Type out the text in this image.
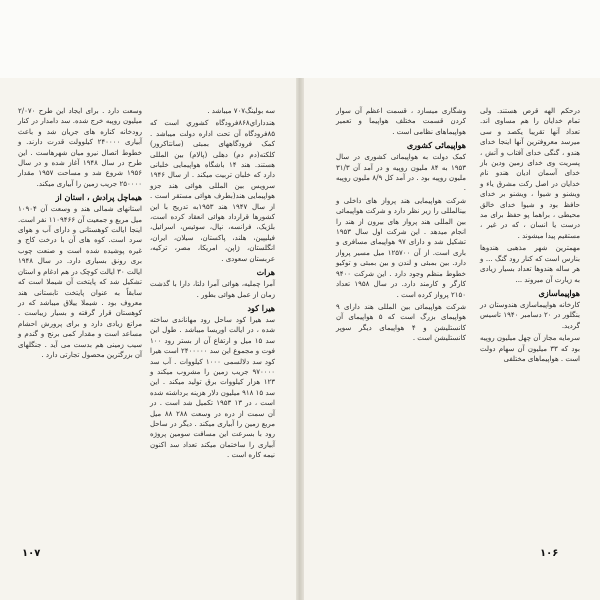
سه بولینگ۷۰۷ میباشد .

هندداراي۸۶۸فرودگاه کشوري است که ۸۵فرودگاه آن تحت اداره دولت میباشد . کمک فرودگاههای بمبئی (سانتاکروز) کلکته(دم دم) دهلی (پالام) بین المللی هستند. هند ۱۴ باشگاه هواپیمایی خلبانی دارد که خلبان تربیت میکند . از سال ۱۹۴۶ سرویس بین المللی هوائی هند جزو هواپیمایی هند(بطرف هوائی مستقر است . از سال ۱۹۴۷ هند ۱۹۵۳به تدریج با این کشورها قرارداد هوائی انعقاد کرده است، بلژیک، فرانسه، نپال، سوئیس، اسرائیل، فیلیپین، هلند، پاکستان، سیلان، ایران، انگلستان، ژاپن، امریکا، مصر، ترکیه، عربستان سعودی .

هرات

آمرا چملیه، هوائی آمرا دلتا، دارا با گذشت زمان از عمل هوائی بطور .

هیرا کود

سد هیرا کود ساحل رود مهاناندی ساخته شده ، در ایالت اوریسا میباشد . طول این سد ۱۵ میل و ارتفاع آن از بستر رود ۱۰۰ فوت و مجموع این سد ۲۴۰۰۰۰۰ است هیرا کود سد دلالسمی ۱۰۰۰ کیلووات . آب سد ۹۷۰۰۰۰ جریب زمین را مشروب میکند و ۱۲۳ هزار کیلووات برق تولید میکند . این سد ۱۵ ۹۱۸ میلیون دلار هزینه برداشته شده است ، در ۱۳ ۱۹۵۳ تکمیل شد است . در آن سمت از دره در وسعت ۲۸۸ ۸۸ میل مربع زمین را آبیاری میکند . دیگر در ساحل رود با بسرعت این مسافت سومین پروژه آبیاری را ساختمان میکند تعداد سد اکنون نیمه کاره است .

وسعت دارد . برای ایجاد این طرح ۲/۰۷۰ میلیون روپیه خرج شده. سد دامدار در کنار رودخانه کناره های جریان شد و باعث آبیاری ۲۴۰۰۰۰ کیلوولت قدرت دارند. و خطوط اتصال نیرو میان شهرهاست . این طرح در سال ۱۹۴۸ آغاز شده و در سال ۱۹۵۶ شروع شد و مساحت ۱۹۵۷ مقدار ۲۵۰۰۰۰ جریب زمین را آبیاری میکند.

هیماچل پرادش ، استان از

استانهای شمالی هند و وسعت آن ۱۰۹۰۴ میل مربع و جمعیت آن ۱۱۰۹۴۶۶ نفر است. اینجا ایالت کوهستانی و دارای آب و هوای سرد است. کوه های آن با درخت کاج و غیره پوشیده شده است و صنعت چوب بری رونق بسیاری دارد. در سال ۱۹۴۸ ایالت ۳۰ ایالت کوچک در هم ادغام و استان تشکیل شد که پایتخت آن شیملا است که سابقاً به عنوان پایتخت تابستانی هند معروف بود . شیملا ییلاق میباشد که در کوهستان قرار گرفته و بسیار زیباست . مراتع زیادی دارد و برای پرورش احشام مساعد است و مقدار کمی برنج و گندم و سیب زمینی هم بدست می آید . جنگلهای آن بزرگترین محصول تجارتی دارد .

درحکم الهه قرص هستند. ولی تمام خدایان را هم مساوی اند. تعداد آنها تقریبا یکصد و سی میرسد معروفترین آنها اینجا خدای هندو ، گنگی خدای آفتاب و آتش ، پسریت وی خدای زمین ودین باز خدای آسمان ادیان هندو نام خدایان در اصل رکت مشرق یاء و ویشنو و شیوا ، ویشنو بر خدای حافظ بود و شیوا خدای خالق محیطی ، براهما پو حفظ برای مد درست یا انسان ، که در غیر ، مستقیم پیدا میشوند .

مهمترین شهر مذهبی هندوها بنارس است که کنار رود گنگ ... و هر ساله هندوها تعداد بسیار زیادی به زیارت آن میروند ...

هواپیماسازی

کارخانه هواپیماسازی هندوستان در بنگلور در ۲۰ دسامبر ۱۹۴۰ تاسیس گردید.

سرمایه مجاز آن چهل میلیون روپیه بود که ۳۳ میلیون آن سهام دولت است . هواپیماهای مختلفی

وشگاری میسازد ، قسمت اعظم آن سوار کردن قسمت مختلف هواپیما و تعمیر هواپیماهای نظامی است .

هواپیمائی کشوری

کمک دولت به هواپیمائی کشوری در سال ۱۹۵۳ به ۸۴ ملیون روپیه و در آمد آن ۳۱/۳ ملیون روپیه بود . در آمد کل ۸/۹ ملیون روپیه .

شرکت هواپیمایی هند پرواز های داخلی و بینالمللی را زیر نظر دارد و شرکت هواپیمائی بین المللی هند پرواز های بیرون از هند را انجام میدهد . این شرکت اول سال ۱۹۵۳ تشکیل شد و دارای ۹۷ هواپیمای مسافری و باری است. از آن ۱۲۵۷۰۰ میل مسیر پرواز دارد. بین بمبئی و لندن و بین بمبئی و توکیو خطوط منظم وجود دارد . این شرکت ۹۴۰۰ کارگر و کارمند دارد. در سال ۱۹۵۸ تعداد ۲۱۵۰ پرواز کرده است .

شرکت هواپیمائی بین المللی هند دارای ۹ هواپیمای بزرگ است که ۵ هواپیمای آن کانستلیشن و ۴ هواپیمای دیگر سوپر کانستلیشن است .

۱۰۷	۱۰۶
